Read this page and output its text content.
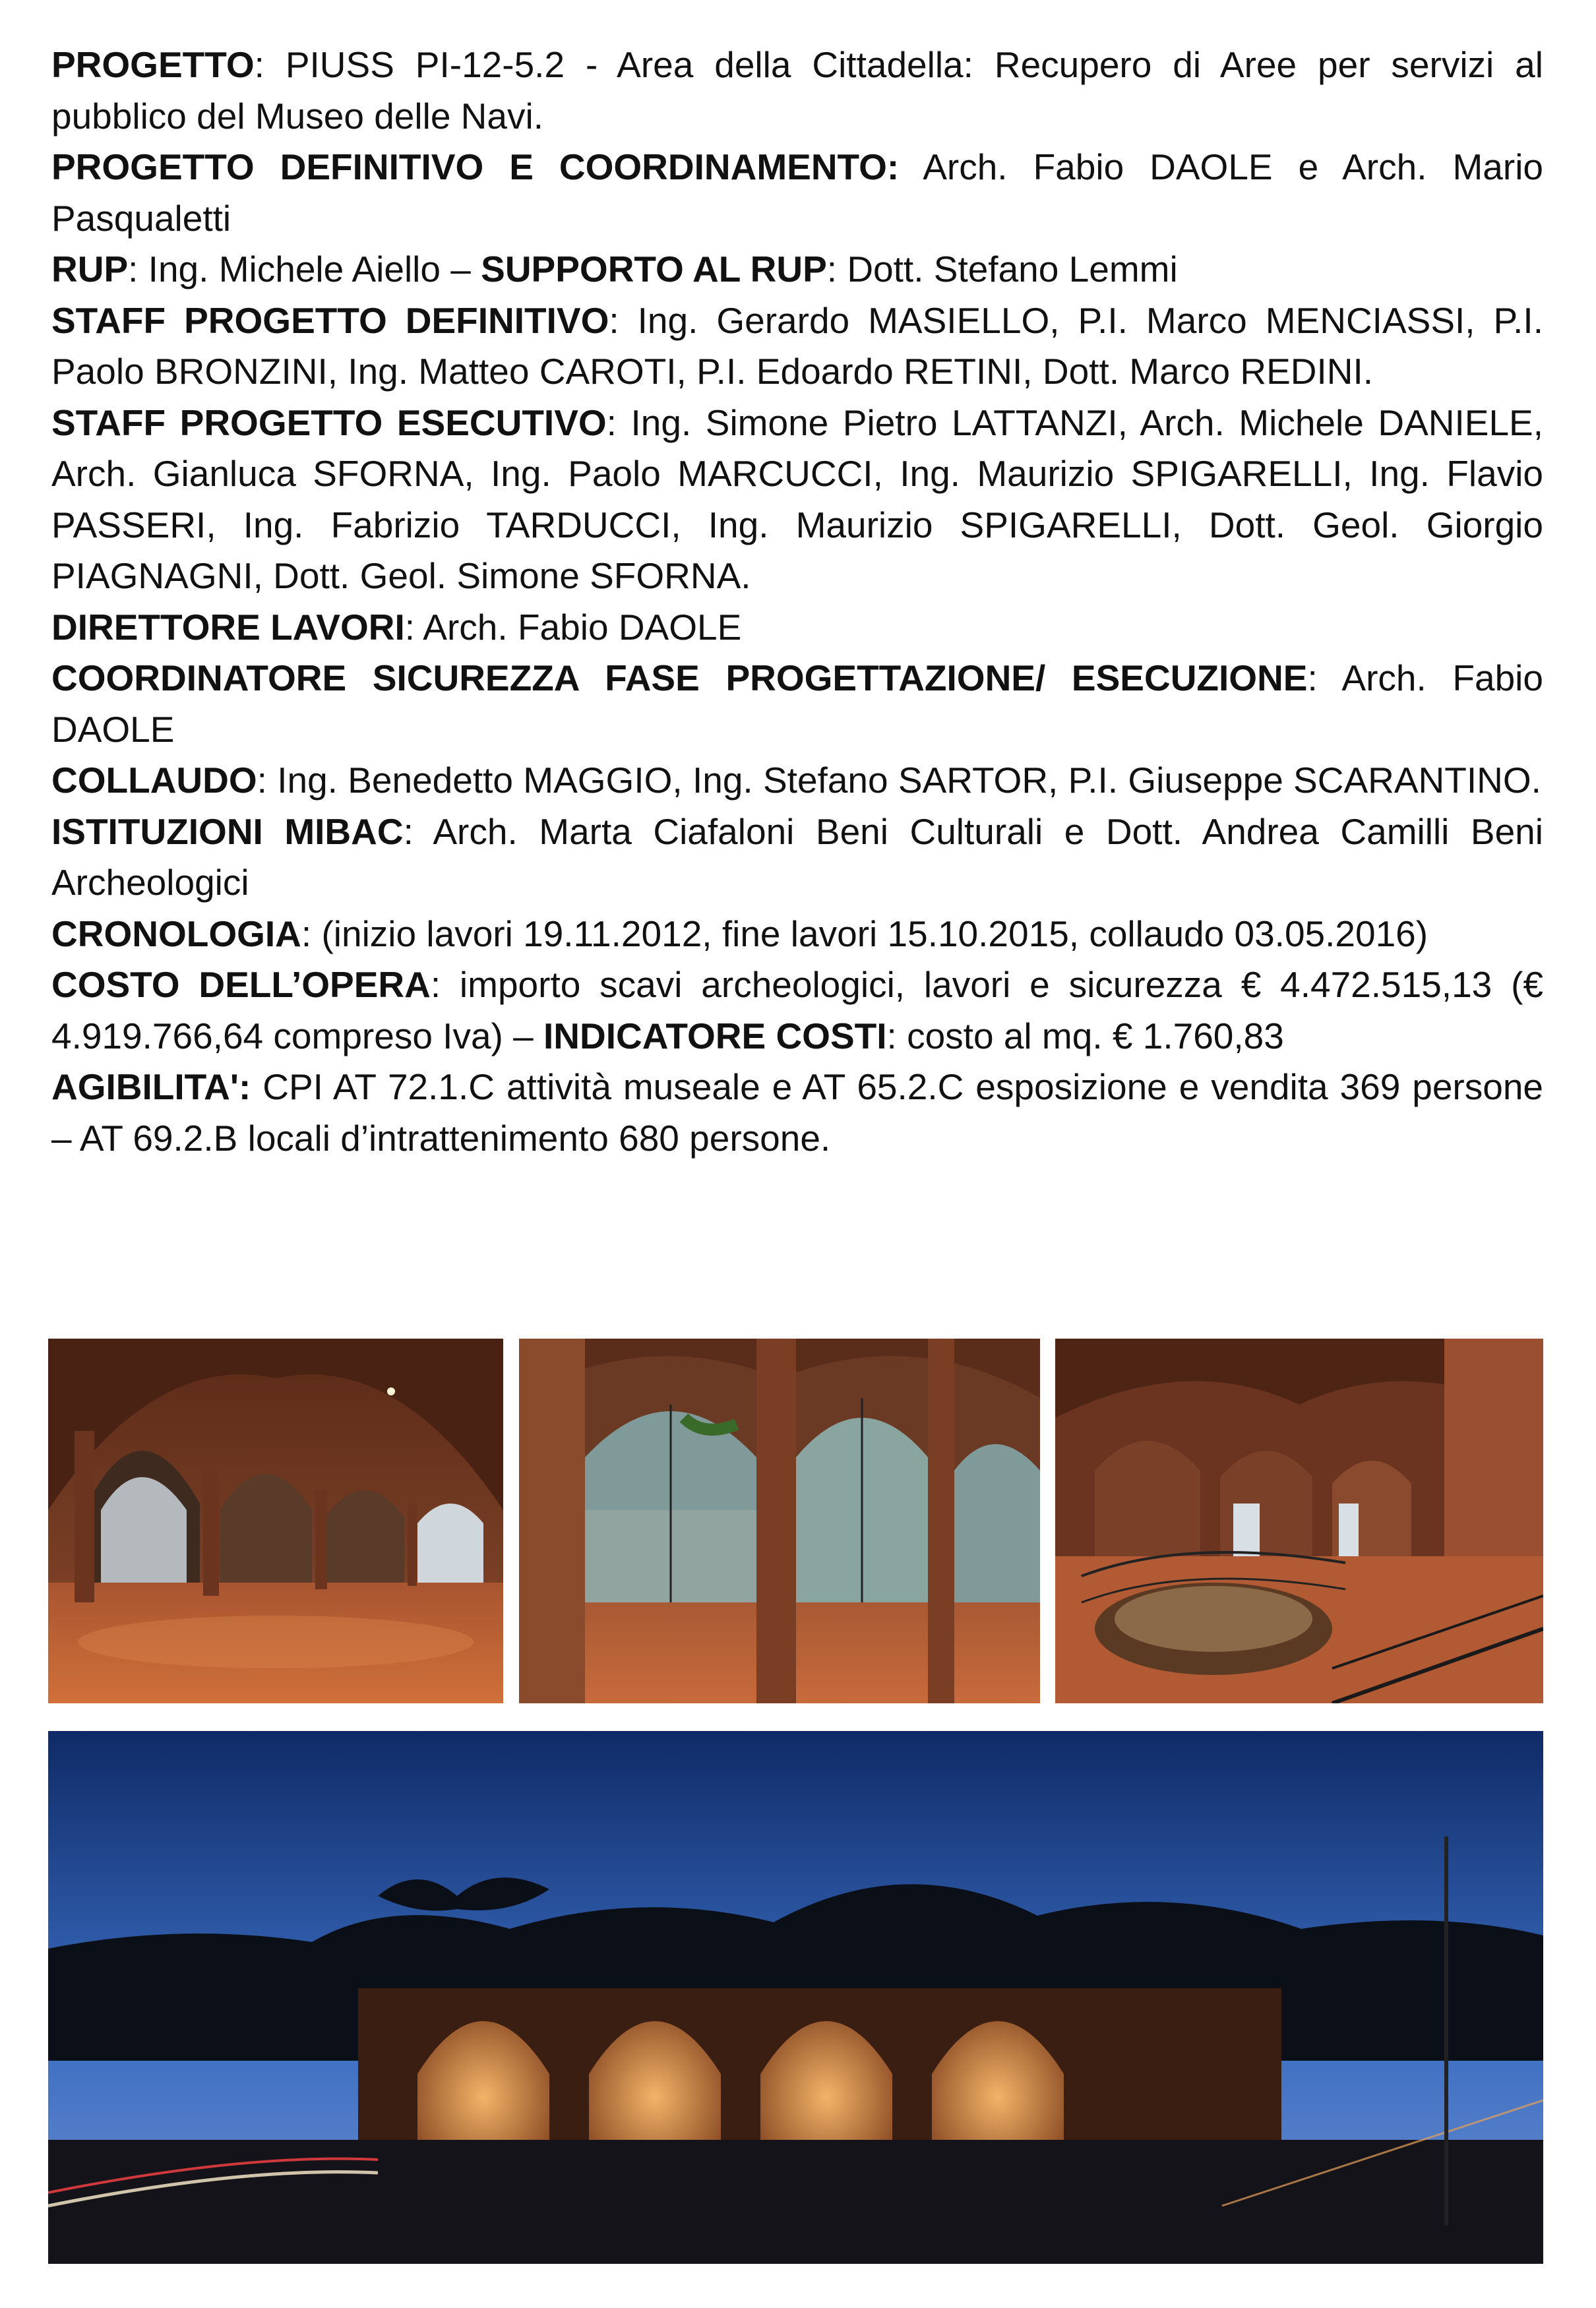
PROGETTO: PIUSS PI-12-5.2 - Area della Cittadella: Recupero di Aree per servizi al pubblico del Museo delle Navi.

PROGETTO DEFINITIVO E COORDINAMENTO: Arch. Fabio DAOLE e Arch. Mario Pasqualetti

RUP: Ing. Michele Aiello – SUPPORTO AL RUP: Dott. Stefano Lemmi

STAFF PROGETTO DEFINITIVO: Ing. Gerardo MASIELLO, P.I. Marco MENCIASSI, P.I. Paolo BRONZINI, Ing. Matteo CAROTI, P.I. Edoardo RETINI, Dott. Marco REDINI.

STAFF PROGETTO ESECUTIVO: Ing. Simone Pietro LATTANZI, Arch. Michele DANIELE, Arch. Gianluca SFORNA, Ing. Paolo MARCUCCI, Ing. Maurizio SPIGARELLI, Ing. Flavio PASSERI, Ing. Fabrizio TARDUCCI, Ing. Maurizio SPIGARELLI, Dott. Geol. Giorgio PIAGNAGNI, Dott. Geol. Simone SFORNA.

DIRETTORE LAVORI: Arch. Fabio DAOLE

COORDINATORE SICUREZZA FASE PROGETTAZIONE/ ESECUZIONE: Arch. Fabio DAOLE

COLLAUDO: Ing. Benedetto MAGGIO, Ing. Stefano SARTOR, P.I. Giuseppe SCARANTINO.

ISTITUZIONI MIBAC: Arch. Marta Ciafaloni Beni Culturali e Dott. Andrea Camilli Beni Archeologici

CRONOLOGIA: (inizio lavori 19.11.2012, fine lavori 15.10.2015, collaudo 03.05.2016)

COSTO DELL’OPERA: importo scavi archeologici, lavori e sicurezza € 4.472.515,13 (€ 4.919.766,64 compreso Iva) – INDICATORE COSTI: costo al mq. € 1.760,83

AGIBILITA': CPI AT 72.1.C attività museale e AT 65.2.C esposizione e vendita 369 persone – AT 69.2.B locali d’intrattenimento 680 persone.
